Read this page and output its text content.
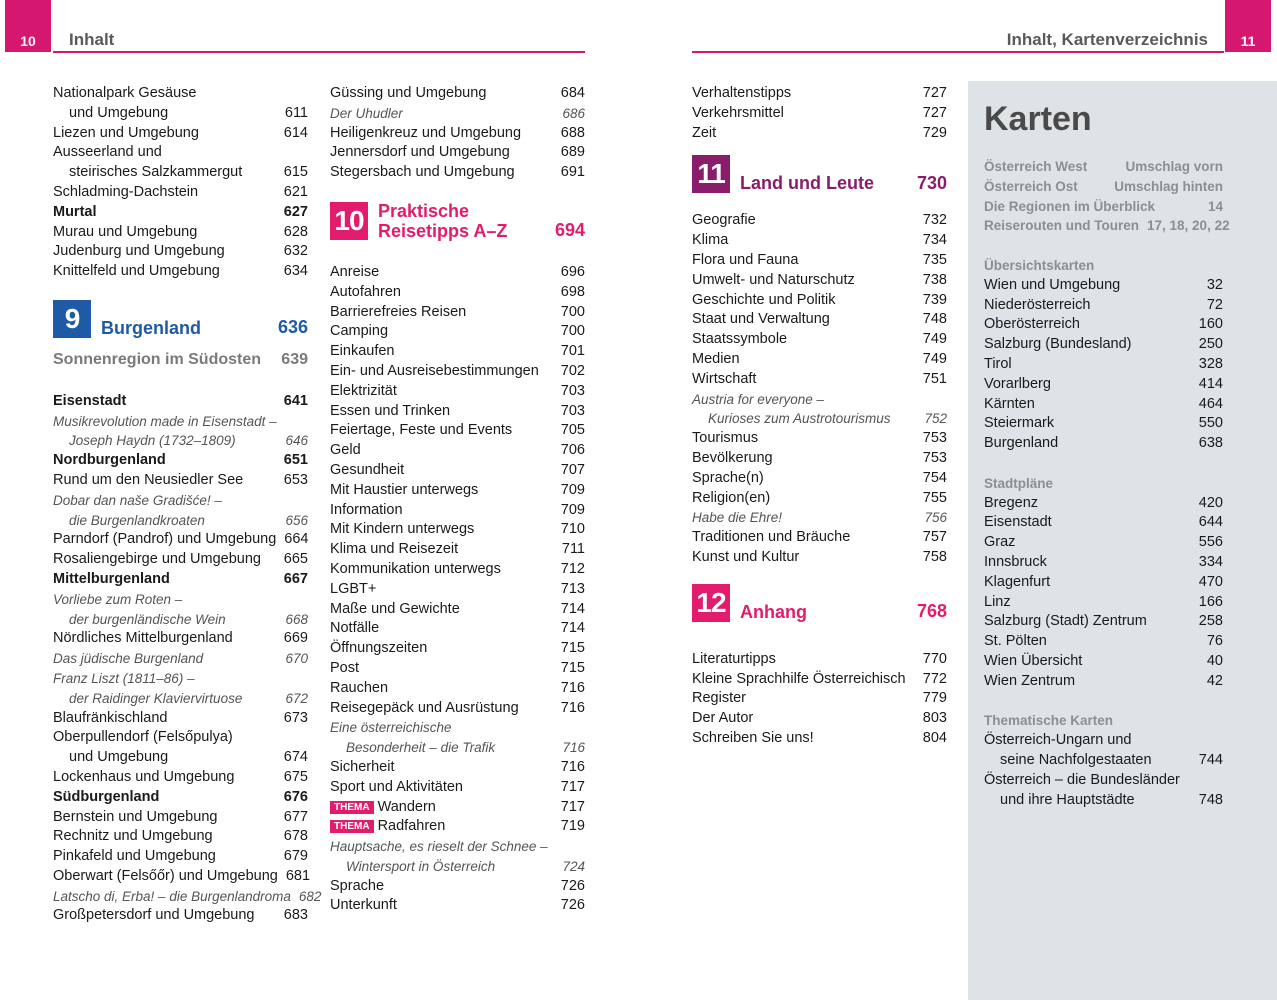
10	Inhalt	11
Inhalt, Kartenverzeichnis
Nationalpark Gesäuse
und Umgebung	611
Liezen und Umgebung	614
Ausseerland und
steirisches Salzkammergut	615
Schladming-Dachstein	621
Murtal	627
Murau und Umgebung	628
Judenburg und Umgebung	632
Knittelfeld und Umgebung	634
9	Burgenland	636
Sonnenregion im Südosten 639
Eisenstadt	641
Musikrevolution made in Eisenstadt –
Joseph Haydn (1732–1809)	646
Nordburgenland	651
Rund um den Neusiedler See	653
Dobar dan naše Gradišće! –
die Burgenlandkroaten	656
Parndorf (Pandrof) und Umgebung 664
Rosaliengebirge und Umgebung 665
Mittelburgenland	667
Vorliebe zum Roten –
der burgenländische Wein	668
Nördliches Mittelburgenland	669
Das jüdische Burgenland	670
Franz Liszt (1811–86) –
der Raidinger Klaviervirtuose	672
Blaufränkischland	673
Oberpullendorf (Felsőpulya)
und Umgebung	674
Lockenhaus und Umgebung	675
Südburgenland	676
Bernstein und Umgebung	677
Rechnitz und Umgebung	678
Pinkafeld und Umgebung	679
Oberwart (Felsőőr) und Umgebung 681
Latscho di, Erba! – die Burgenlandroma 682
Großpetersdorf und Umgebung 683
Güssing und Umgebung	684
Der Uhudler	686
Heiligenkreuz und Umgebung	688
Jennersdorf und Umgebung	689
Stegersbach und Umgebung	691
10 Praktische
Reisetipps A–Z	694
Anreise	696
Autofahren	698
Barrierefreies Reisen	700
Camping	700
Einkaufen	701
Ein- und Ausreisebestimmungen 702
Elektrizität	703
Essen und Trinken	703
Feiertage, Feste und Events	705
Geld	706
Gesundheit	707
Mit Haustier unterwegs	709
Information	709
Mit Kindern unterwegs	710
Klima und Reisezeit	711
Kommunikation unterwegs	712
LGBT+	713
Maße und Gewichte	714
Notfälle	714
Öffnungszeiten	715
Post	715
Rauchen	716
Reisegepäck und Ausrüstung	716
Eine österreichische
Besonderheit – die Trafik	716
Sicherheit	716
Sport und Aktivitäten	717
THEMA Wandern	717
THEMA Radfahren	719
Hauptsache, es rieselt der Schnee –
Wintersport in Österreich	724
Sprache	726
Unterkunft	726
Verhaltenstipps	727
Verkehrsmittel	727
Zeit	729
11 Land und Leute	730
Geografie	732
Klima	734
Flora und Fauna	735
Umwelt- und Naturschutz	738
Geschichte und Politik	739
Staat und Verwaltung	748
Staatssymbole	749
Medien	749
Wirtschaft	751
Austria for everyone –
Kurioses zum Austrotourismus	752
Tourismus	753
Bevölkerung	753
Sprache(n)	754
Religion(en)	755
Habe die Ehre!	756
Traditionen und Bräuche	757
Kunst und Kultur	758
12 Anhang	768
Literaturtipps	770
Kleine Sprachhilfe Österreichisch 772
Register	779
Der Autor	803
Schreiben Sie uns!	804
Karten
Österreich West	Umschlag vorn
Österreich Ost	Umschlag hinten
Die Regionen im Überblick	14
Reiserouten und Touren 17, 18, 20, 22
Übersichtskarten
Wien und Umgebung	32
Niederösterreich	72
Oberösterreich	160
Salzburg (Bundesland)	250
Tirol	328
Vorarlberg	414
Kärnten	464
Steiermark	550
Burgenland	638
Stadtpläne
Bregenz	420
Eisenstadt	644
Graz	556
Innsbruck	334
Klagenfurt	470
Linz	166
Salzburg (Stadt) Zentrum	258
St. Pölten	76
Wien Übersicht	40
Wien Zentrum	42
Thematische Karten
Österreich-Ungarn und
seine Nachfolgestaaten	744
Österreich – die Bundesländer
und ihre Hauptstädte	748
